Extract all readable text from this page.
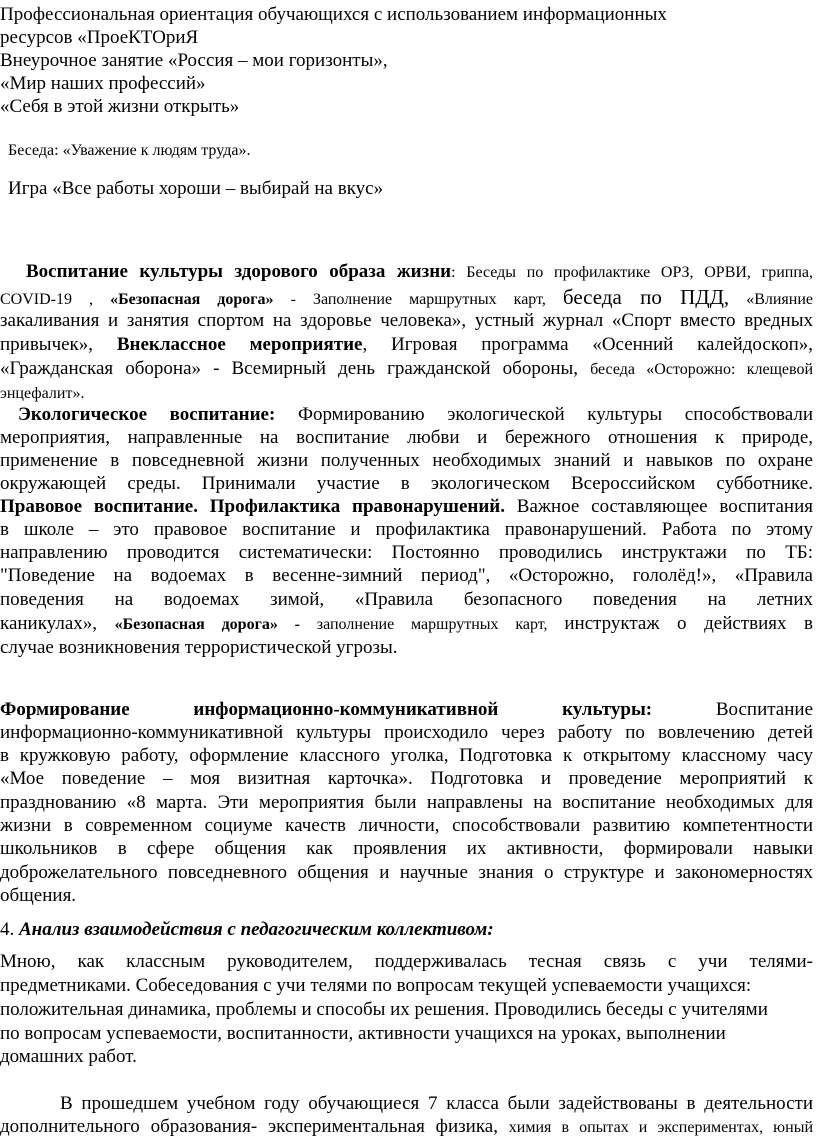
Профессиональная ориентация обучающихся с использованием информационных
ресурсов «ПроеКТОриЯ
Внеурочное занятие «Россия – мои горизонты»,
«Мир наших профессий»
«Себя в этой жизни открыть»
Беседа: «Уважение к людям труда».
Игра «Все работы хороши – выбирай на вкус»
Воспитание культуры здорового образа жизни: Беседы по профилактике ОРЗ, ОРВИ, гриппа,
COVID-19 , «Безопасная дорога» - Заполнение маршрутных карт, беседа по ПДД, «Влияние
закаливания и занятия спортом на здоровье человека», устный журнал «Спорт вместо вредных
привычек», Внеклассное мероприятие, Игровая программа «Осенний калейдоскоп»,
«Гражданская оборона» - Всемирный день гражданской обороны, беседа «Осторожно: клещевой
энцефалит».
Экологическое воспитание: Формированию экологической культуры способствовали
мероприятия, направленные на воспитание любви и бережного отношения к природе,
применение в повседневной жизни полученных необходимых знаний и навыков по охране
окружающей среды. Принимали участие в экологическом Всероссийском субботнике.
Правовое воспитание. Профилактика правонарушений. Важное составляющее воспитания
в школе – это правовое воспитание и профилактика правонарушений. Работа по этому
направлению проводится систематически: Постоянно проводились инструктажи по ТБ:
"Поведение на водоемах в весенне-зимний период", «Осторожно, гололёд!», «Правила
поведения на водоемах зимой, «Правила безопасного поведения на летних
каникулах», «Безопасная дорога» - заполнение маршрутных карт, инструктаж о действиях в
случае возникновения террористической угрозы.
Формирование информационно-коммуникативной культуры: Воспитание
информационно-коммуникативной культуры происходило через работу по вовлечению детей
в кружковую работу, оформление классного уголка, Подготовка к открытому классному часу
«Мое поведение – моя визитная карточка». Подготовка и проведение мероприятий к
празднованию «8 марта. Эти мероприятия были направлены на воспитание необходимых для
жизни в современном социуме качеств личности, способствовали развитию компетентности
школьников в сфере общения как проявления их активности, формировали навыки
доброжелательного повседневного общения и научные знания о структуре и закономерностях
общения.
4. Анализ взаимодействия с педагогическим коллективом:
Мною, как классным руководителем, поддерживалась тесная связь с учи телями-
предметниками. Собеседования с учи телями по вопросам текущей успеваемости учащихся:
положительная динамика, проблемы и способы их решения. Проводились беседы с учителями
по вопросам успеваемости, воспитанности, активности учащихся на уроках, выполнении
домашних работ.
В прошедшем учебном году обучающиеся 7 класса были задействованы в деятельности
дополнительного образования- экспериментальная физика, химия в опытах и экспериментах, юный
